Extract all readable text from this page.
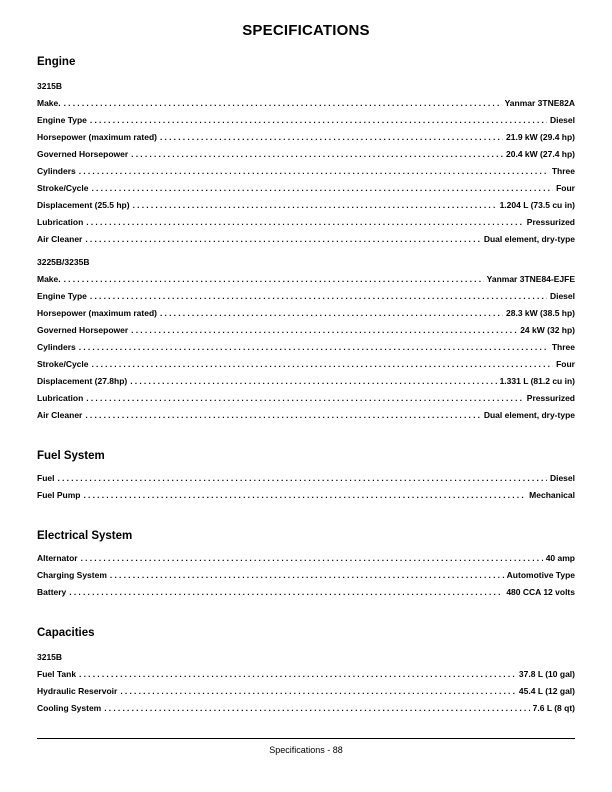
SPECIFICATIONS
Engine
3215B
Make. .....	Yanmar 3TNE82A
Engine Type .....	Diesel
Horsepower (maximum rated) .....	21.9 kW (29.4 hp)
Governed Horsepower .....	20.4 kW (27.4 hp)
Cylinders .....	Three
Stroke/Cycle .....	Four
Displacement (25.5 hp) .....	1.204 L (73.5 cu in)
Lubrication .....	Pressurized
Air Cleaner .....	Dual element, dry-type
3225B/3235B
Make. .....	Yanmar 3TNE84-EJFE
Engine Type .....	Diesel
Horsepower (maximum rated) .....	28.3 kW (38.5 hp)
Governed Horsepower .....	24 kW (32 hp)
Cylinders .....	Three
Stroke/Cycle .....	Four
Displacement (27.8hp) .....	1.331 L (81.2 cu in)
Lubrication .....	Pressurized
Air Cleaner .....	Dual element, dry-type
Fuel System
Fuel .....	Diesel
Fuel Pump .....	Mechanical
Electrical System
Alternator .....	40 amp
Charging System .....	Automotive Type
Battery .....	480 CCA 12 volts
Capacities
3215B
Fuel Tank .....	37.8 L (10 gal)
Hydraulic Reservoir .....	45.4 L (12 gal)
Cooling System .....	7.6 L (8 qt)
Specifications - 88
